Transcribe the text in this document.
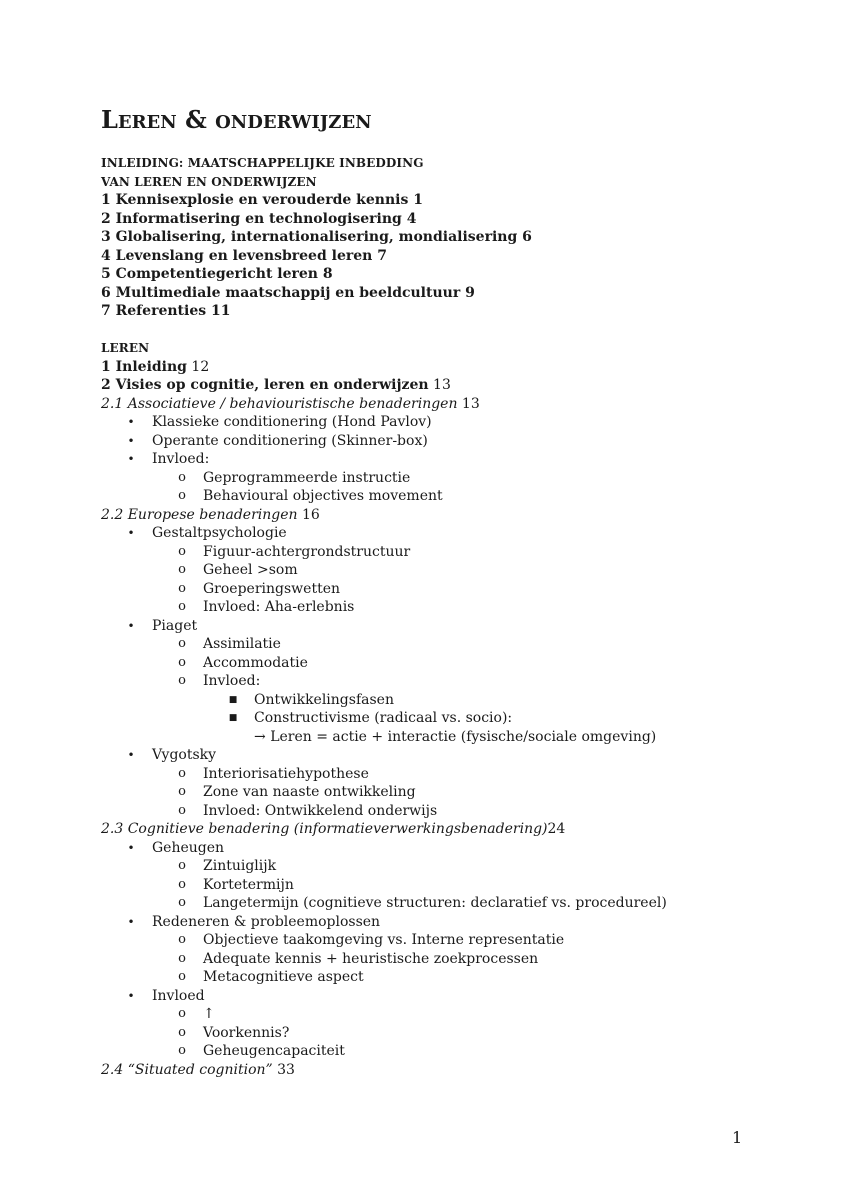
LEREN & ONDERWIJZEN
INLEIDING: MAATSCHAPPELIJKE INBEDDING
VAN LEREN EN ONDERWIJZEN
1 Kennisexplosie en verouderde kennis 1
2 Informatisering en technologisering 4
3 Globalisering, internationalisering, mondialisering 6
4 Levenslang en levensbreed leren 7
5 Competentiegericht leren 8
6 Multimediale maatschappij en beeldcultuur 9
7 Referenties 11
LEREN
1 Inleiding 12
2 Visies op cognitie, leren en onderwijzen 13
2.1 Associatieve / behaviouristische benaderingen 13
•	Klassieke conditionering (Hond Pavlov)
•	Operante conditionering (Skinner-box)
•	Invloed:
o	Geprogrammeerde instructie
o	Behavioural objectives movement
2.2 Europese benaderingen 16
•	Gestaltpsychologie
o	Figuur-achtergrondstructuur
o	Geheel >som
o	Groeperingswetten
o	Invloed: Aha-erlebnis
•	Piaget
o	Assimilatie
o	Accommodatie
o	Invloed:
■	Ontwikkelingsfasen
■	Constructivisme (radicaal vs. socio):
→ Leren = actie + interactie (fysische/sociale omgeving)
•	Vygotsky
o	Interiorisatiehypothese
o	Zone van naaste ontwikkeling
o	Invloed: Ontwikkelend onderwijs
2.3 Cognitieve benadering (informatieverwerkingsbenadering)24
•	Geheugen
o	Zintuiglijk
o	Kortetermijn
o	Langetermijn (cognitieve structuren: declaratief vs. procedureel)
•	Redeneren & probleemoplossen
o	Objectieve taakomgeving vs. Interne representatie
o	Adequate kennis + heuristische zoekprocessen
o	Metacognitieve aspect
•	Invloed
o	↑
o	Voorkennis?
o	Geheugencapaciteit
2.4 “Situated cognition” 33

1
